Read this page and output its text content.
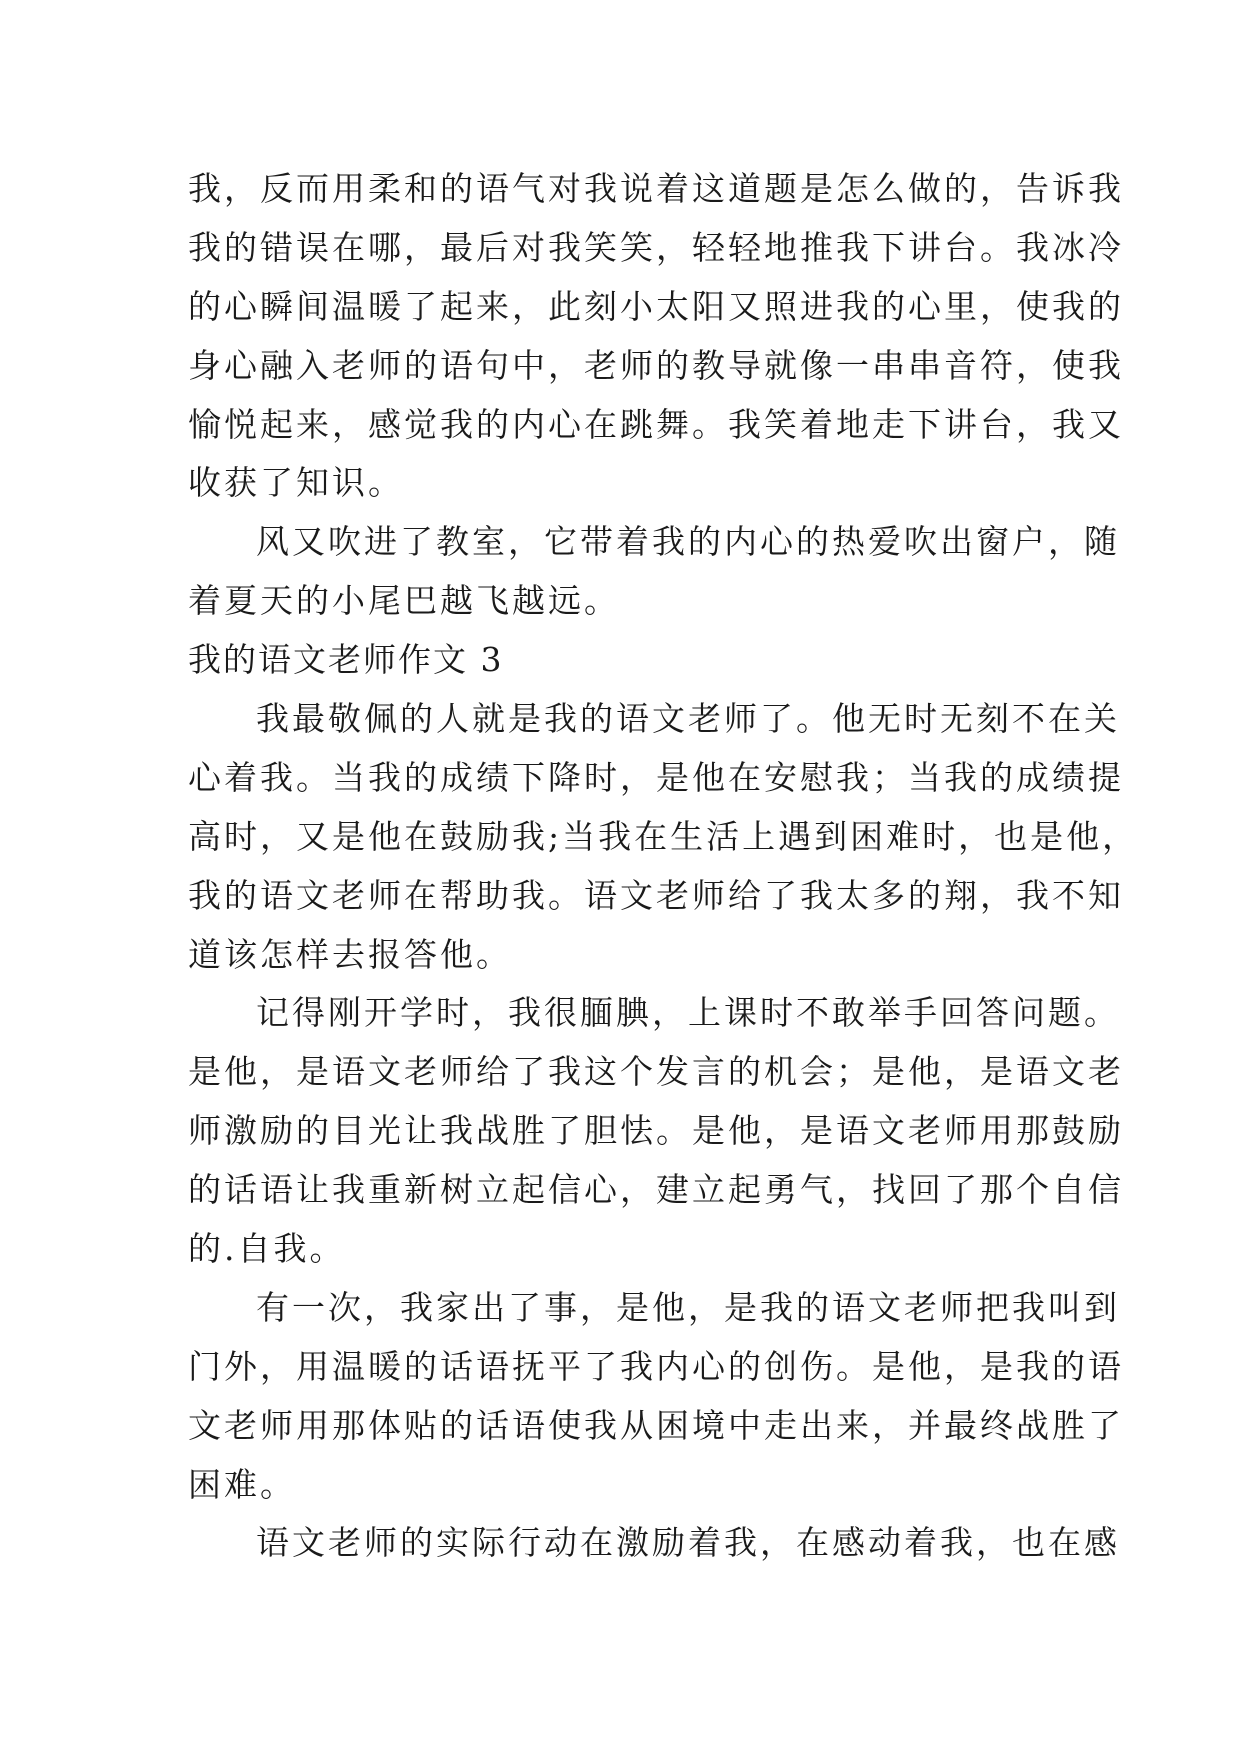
我，反而用柔和的语气对我说着这道题是怎么做的，告诉我
我的错误在哪，最后对我笑笑，轻轻地推我下讲台。我冰冷
的心瞬间温暖了起来，此刻小太阳又照进我的心里，使我的
身心融入老师的语句中，老师的教导就像一串串音符，使我
愉悦起来，感觉我的内心在跳舞。我笑着地走下讲台，我又
收获了知识。
风又吹进了教室，它带着我的内心的热爱吹出窗户，随
着夏天的小尾巴越飞越远。
我的语文老师作文 3
我最敬佩的人就是我的语文老师了。他无时无刻不在关
心着我。当我的成绩下降时，是他在安慰我；当我的成绩提
高时，又是他在鼓励我;当我在生活上遇到困难时，也是他，
我的语文老师在帮助我。语文老师给了我太多的翔，我不知
道该怎样去报答他。
记得刚开学时，我很腼腆，上课时不敢举手回答问题。
是他，是语文老师给了我这个发言的机会；是他，是语文老
师激励的目光让我战胜了胆怯。是他，是语文老师用那鼓励
的话语让我重新树立起信心，建立起勇气，找回了那个自信
的.自我。
有一次，我家出了事，是他，是我的语文老师把我叫到
门外，用温暖的话语抚平了我内心的创伤。是他，是我的语
文老师用那体贴的话语使我从困境中走出来，并最终战胜了
困难。
语文老师的实际行动在激励着我，在感动着我，也在感
